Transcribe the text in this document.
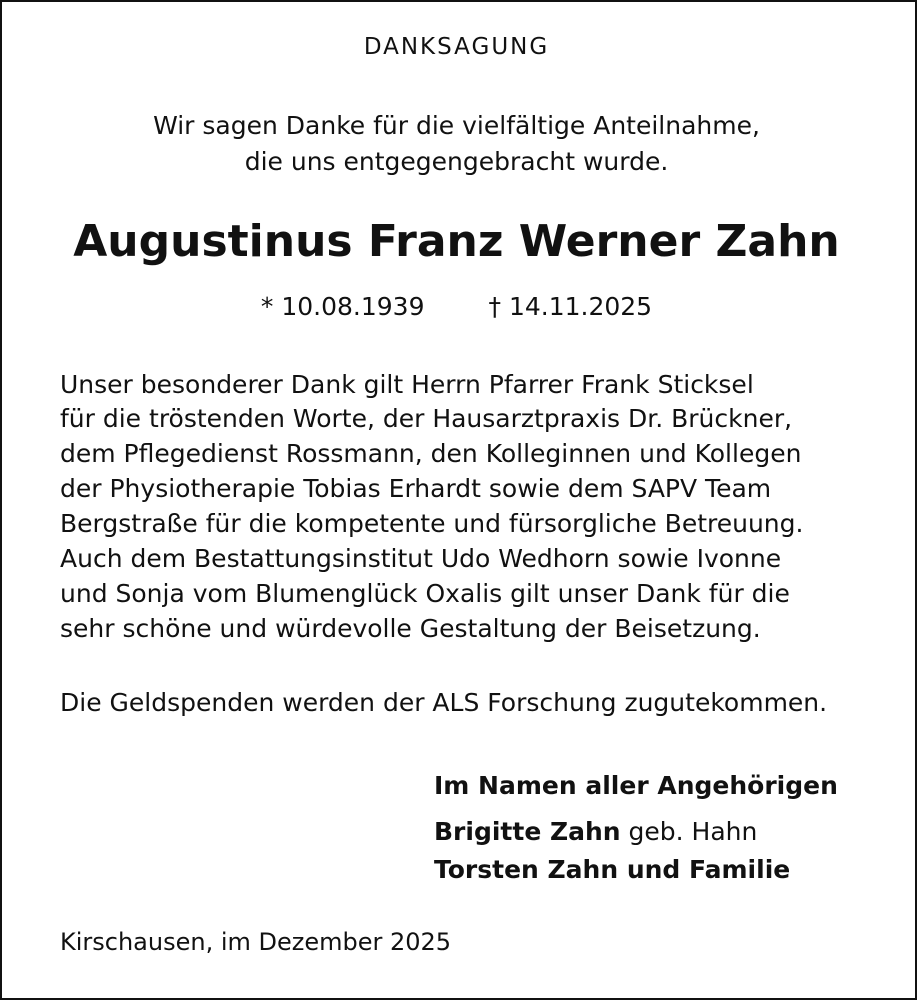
DANKSAGUNG
Wir sagen Danke für die vielfältige Anteilnahme,
die uns entgegengebracht wurde.
Augustinus Franz Werner Zahn
* 10.08.1939	† 14.11.2025
Unser besonderer Dank gilt Herrn Pfarrer Frank Sticksel
für die tröstenden Worte, der Hausarztpraxis Dr. Brückner,
dem Pflegedienst Rossmann, den Kolleginnen und Kollegen
der Physiotherapie Tobias Erhardt sowie dem SAPV Team
Bergstraße für die kompetente und fürsorgliche Betreuung.
Auch dem Bestattungsinstitut Udo Wedhorn sowie Ivonne
und Sonja vom Blumenglück Oxalis gilt unser Dank für die
sehr schöne und würdevolle Gestaltung der Beisetzung.
Die Geldspenden werden der ALS Forschung zugutekommen.
Im Namen aller Angehörigen
Brigitte Zahn geb. Hahn
Torsten Zahn und Familie
Kirschausen, im Dezember 2025
